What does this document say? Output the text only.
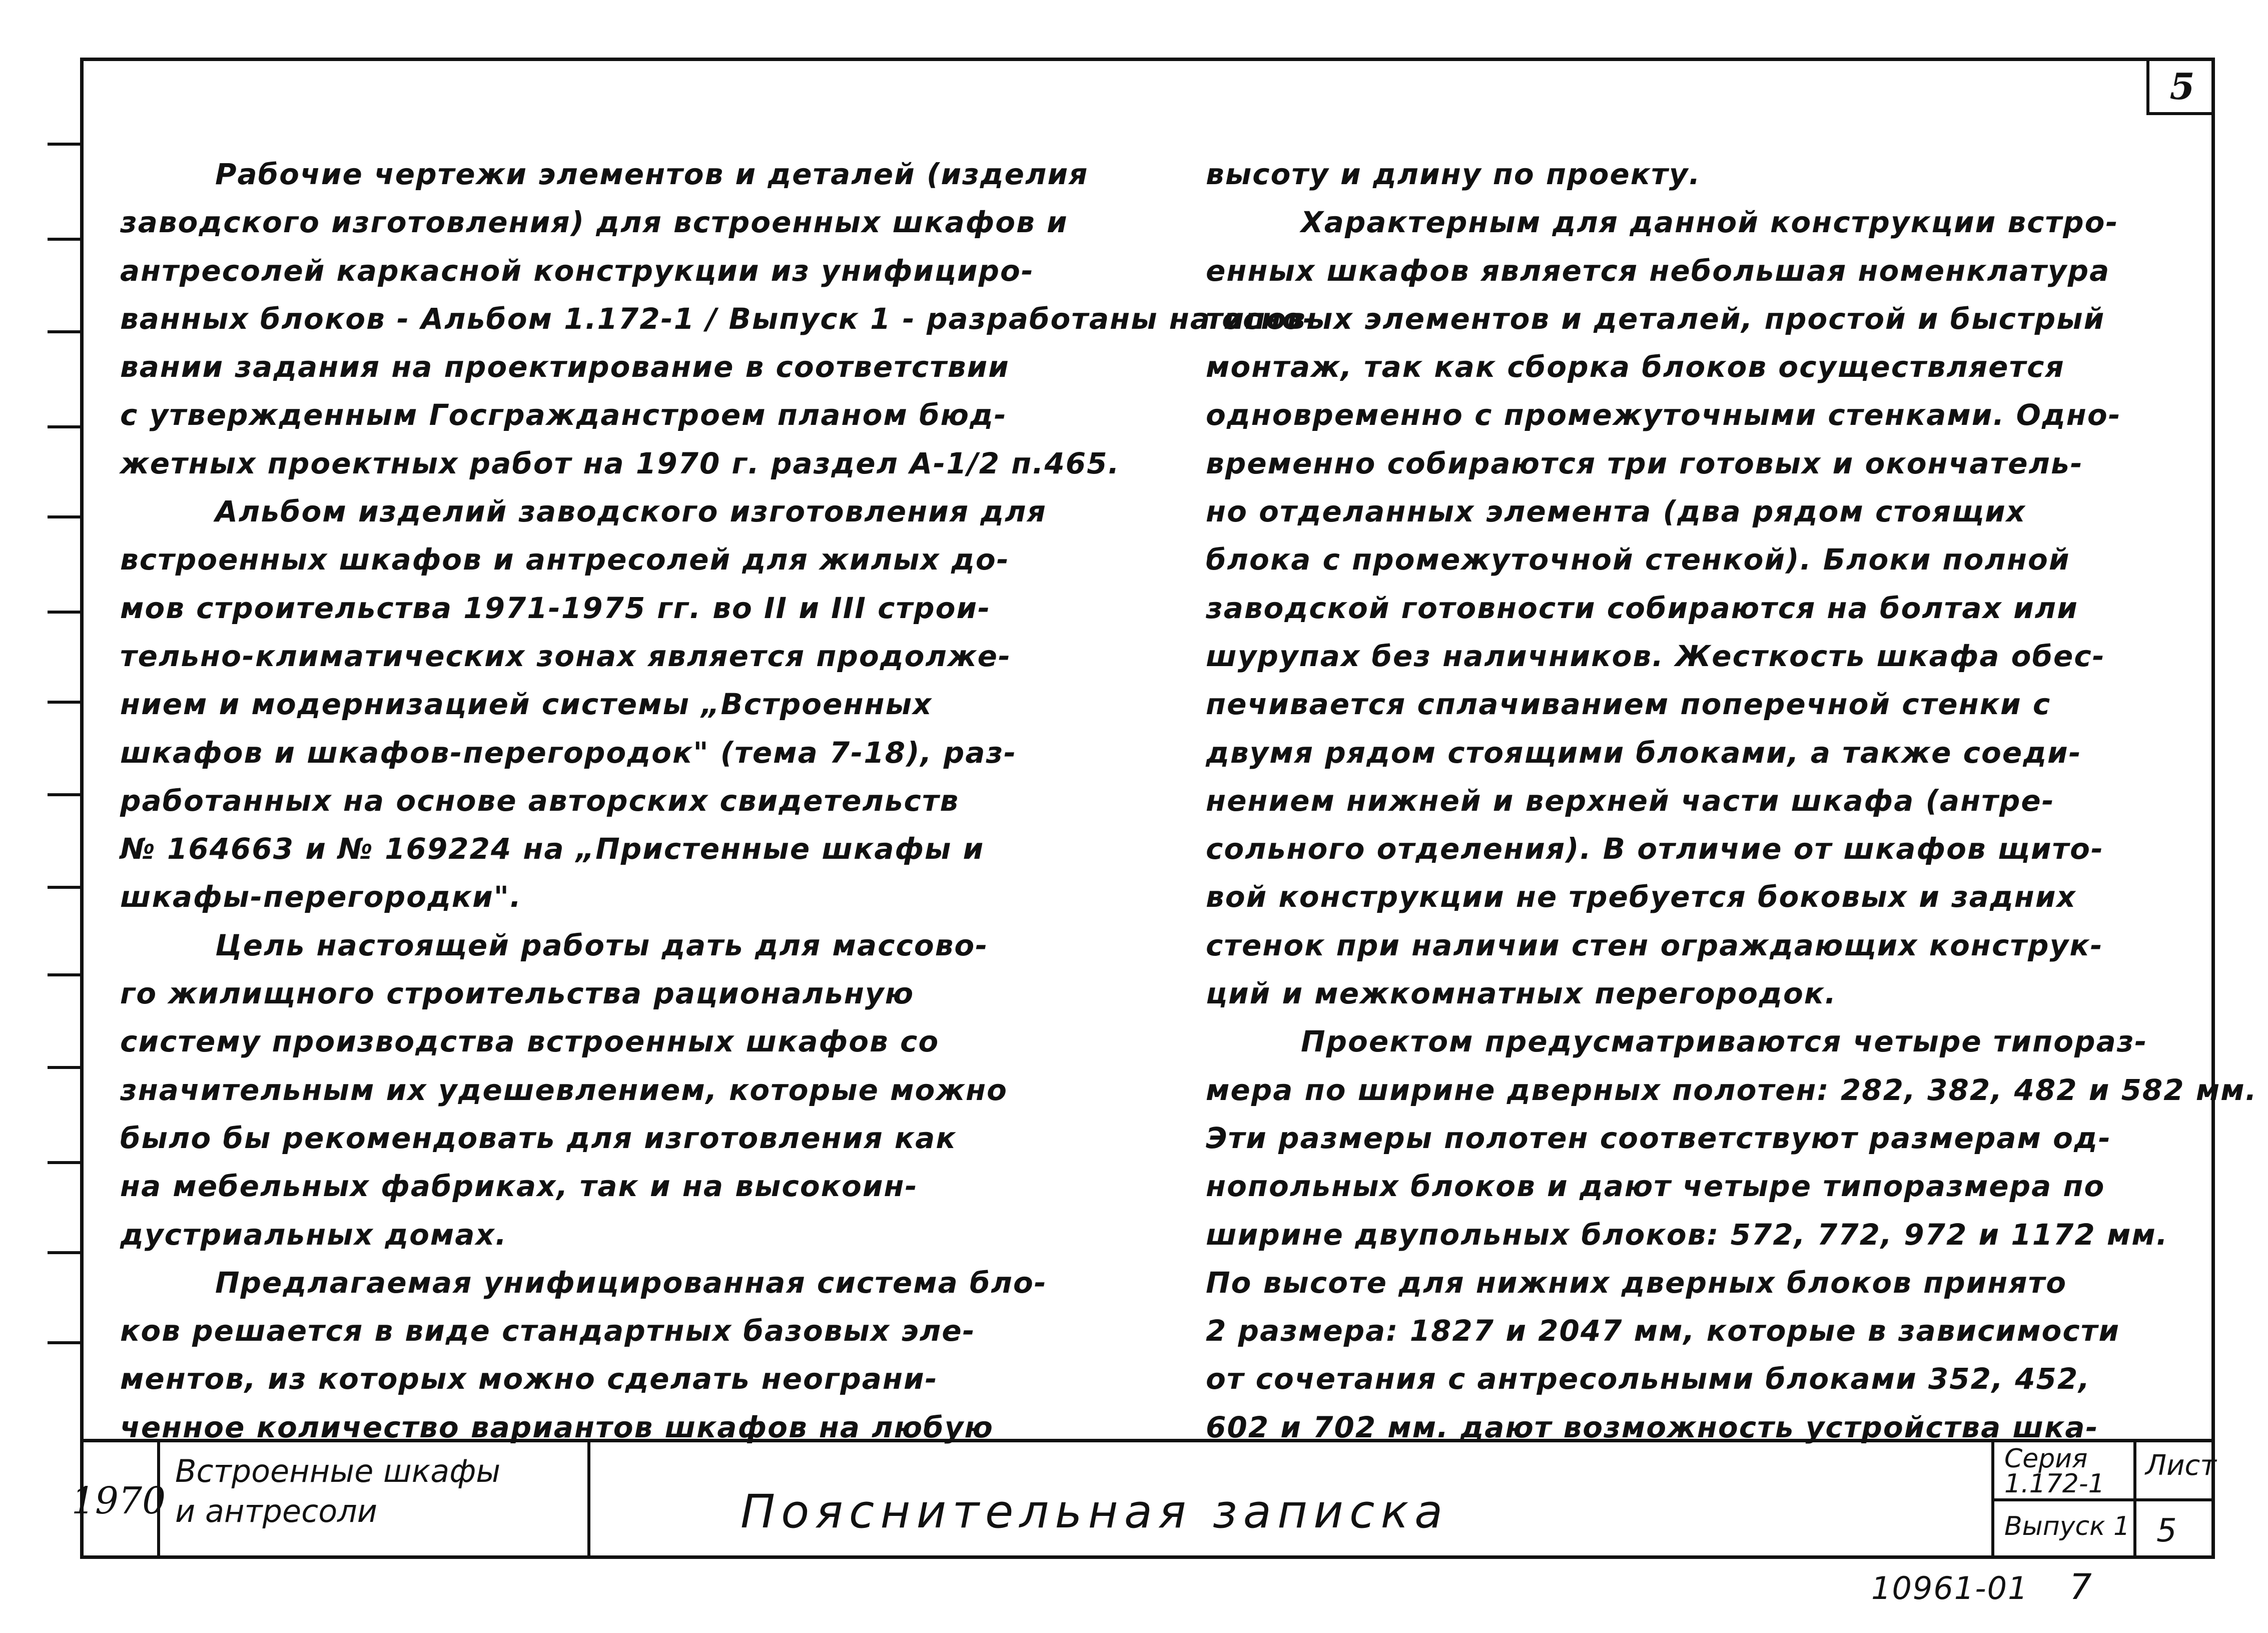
5
Рабочие чертежи элементов и деталей (изделия
заводского изготовления) для встроенных шкафов и
антресолей каркасной конструкции из унифициро-
ванных блоков - Альбом 1.172-1 / Выпуск 1 - разработаны на осно-
вании задания на проектирование в соответствии
с утвержденным Госгражданстроем планом бюд-
жетных проектных работ на 1970 г. раздел А-1/2 п.465.
Альбом изделий заводского изготовления для
встроенных шкафов и антресолей для жилых до-
мов строительства 1971-1975 гг. во II и III строи-
тельно-климатических зонах является продолже-
нием и модернизацией системы „Встроенных
шкафов и шкафов-перегородок" (тема 7-18), раз-
работанных на основе авторских свидетельств
№ 164663 и № 169224 на „Пристенные шкафы и
шкафы-перегородки".
Цель настоящей работы дать для массово-
го жилищного строительства рациональную
систему производства встроенных шкафов со
значительным их удешевлением, которые можно
было бы рекомендовать для изготовления как
на мебельных фабриках, так и на высокоин-
дустриальных домах.
Предлагаемая унифицированная система бло-
ков решается в виде стандартных базовых эле-
ментов, из которых можно сделать неограни-
ченное количество вариантов шкафов на любую
высоту и длину по проекту.
Характерным для данной конструкции встро-
енных шкафов является небольшая номенклатура
типовых элементов и деталей, простой и быстрый
монтаж, так как сборка блоков осуществляется
одновременно с промежуточными стенками. Одно-
временно собираются три готовых и окончатель-
но отделанных элемента (два рядом стоящих
блока с промежуточной стенкой). Блоки полной
заводской готовности собираются на болтах или
шурупах без наличников. Жесткость шкафа обес-
печивается сплачиванием поперечной стенки с
двумя рядом стоящими блоками, а также соеди-
нением нижней и верхней части шкафа (антре-
сольного отделения). В отличие от шкафов щито-
вой конструкции не требуется боковых и задних
стенок при наличии стен ограждающих конструк-
ций и межкомнатных перегородок.
Проектом предусматриваются четыре типораз-
мера по ширине дверных полотен: 282, 382, 482 и 582 мм.
Эти размеры полотен соответствуют размерам од-
нопольных блоков и дают четыре типоразмера по
ширине двупольных блоков: 572, 772, 972 и 1172 мм.
По высоте для нижних дверных блоков принято
2 размера: 1827 и 2047 мм, которые в зависимости
от сочетания с антресольными блоками 352, 452,
602 и 702 мм. дают возможность устройства шка-
1970
Встроенные шкафы
и антресоли	Пояснительная записка
Серия
1.172-1
Выпуск 1
Лист
5
10961-01 7
